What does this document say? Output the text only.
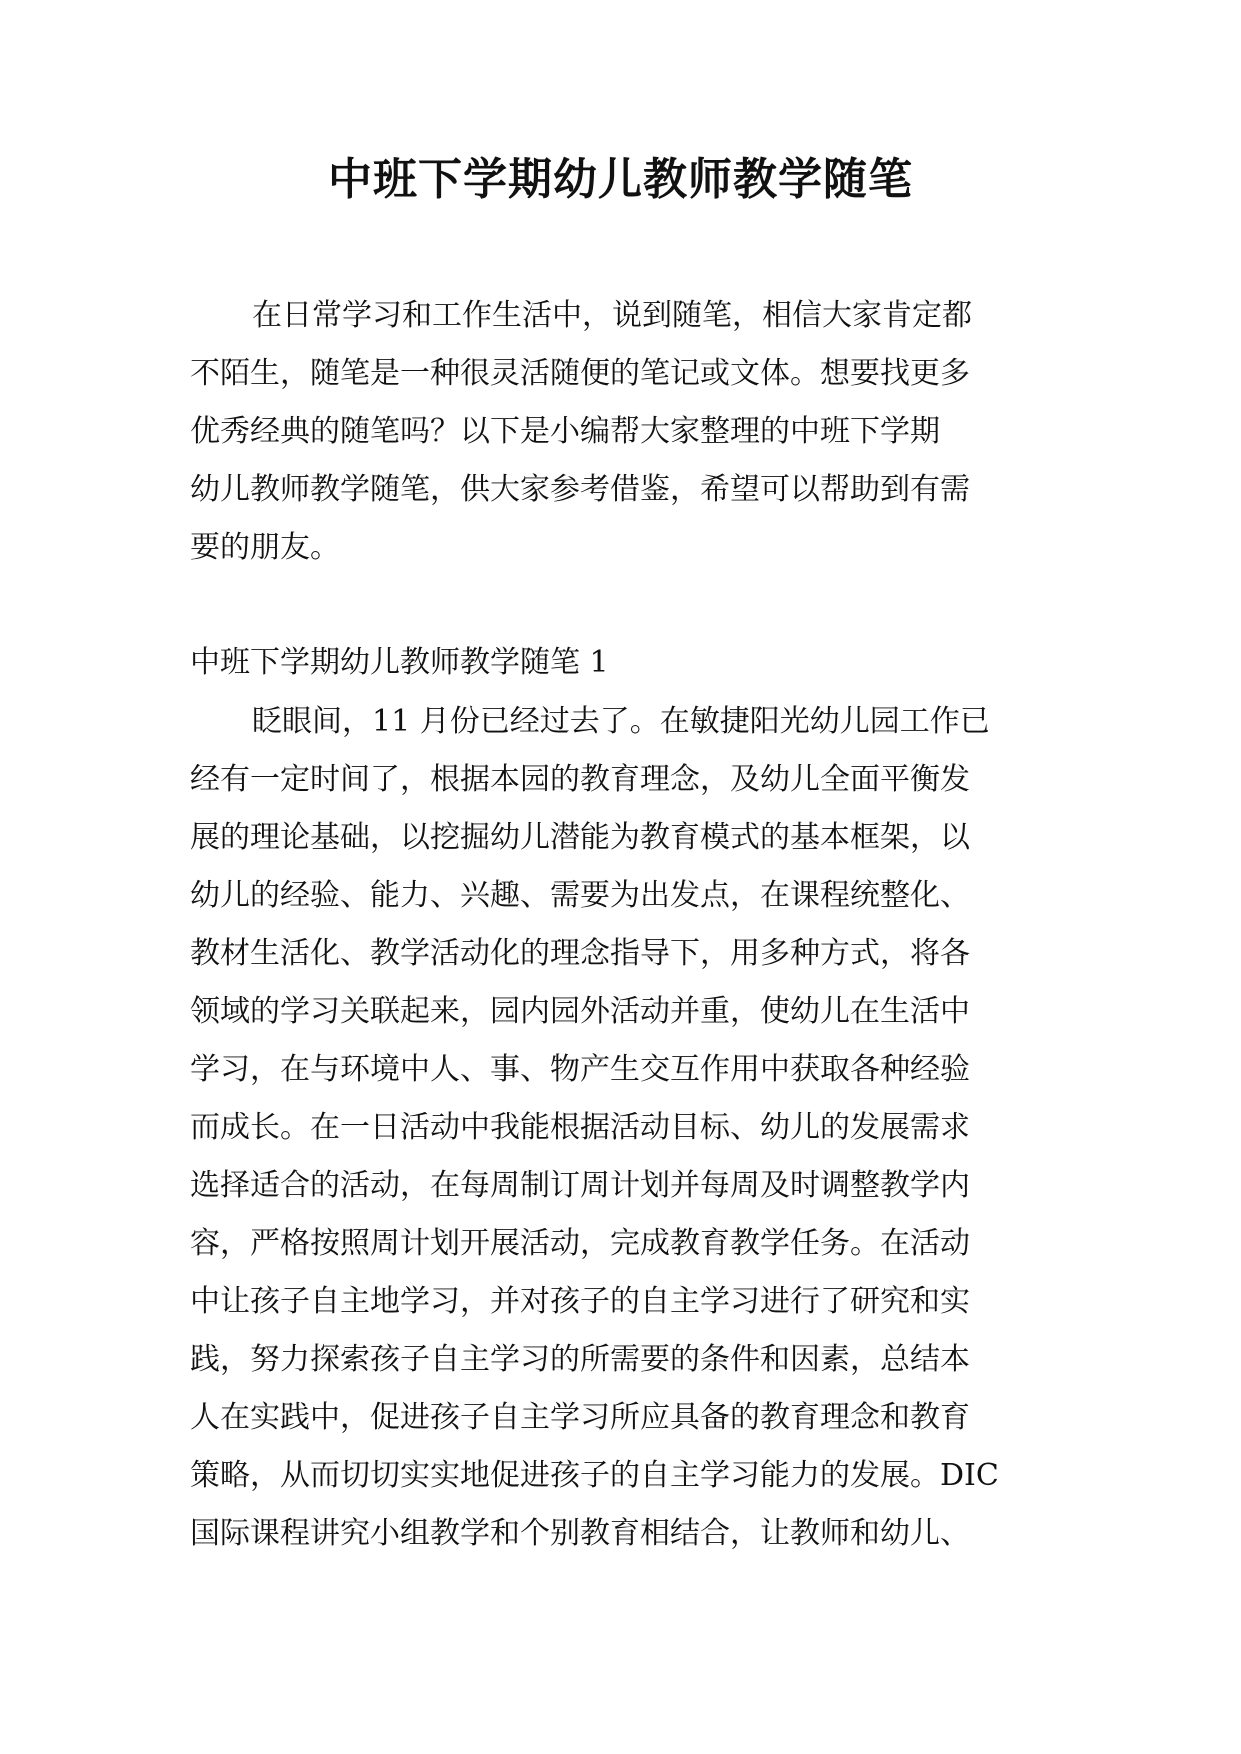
中班下学期幼儿教师教学随笔
在日常学习和工作生活中，说到随笔，相信大家肯定都
不陌生，随笔是一种很灵活随便的笔记或文体。想要找更多
优秀经典的随笔吗？以下是小编帮大家整理的中班下学期
幼儿教师教学随笔，供大家参考借鉴，希望可以帮助到有需
要的朋友。

中班下学期幼儿教师教学随笔 1

眨眼间，11 月份已经过去了。在敏捷阳光幼儿园工作已
经有一定时间了，根据本园的教育理念，及幼儿全面平衡发
展的理论基础，以挖掘幼儿潜能为教育模式的基本框架，以
幼儿的经验、能力、兴趣、需要为出发点，在课程统整化、
教材生活化、教学活动化的理念指导下，用多种方式，将各
领域的学习关联起来，园内园外活动并重，使幼儿在生活中
学习，在与环境中人、事、物产生交互作用中获取各种经验
而成长。在一日活动中我能根据活动目标、幼儿的发展需求
选择适合的活动，在每周制订周计划并每周及时调整教学内
容，严格按照周计划开展活动，完成教育教学任务。在活动
中让孩子自主地学习，并对孩子的自主学习进行了研究和实
践，努力探索孩子自主学习的所需要的条件和因素，总结本
人在实践中，促进孩子自主学习所应具备的教育理念和教育
策略，从而切切实实地促进孩子的自主学习能力的发展。DIC
国际课程讲究小组教学和个别教育相结合，让教师和幼儿、
